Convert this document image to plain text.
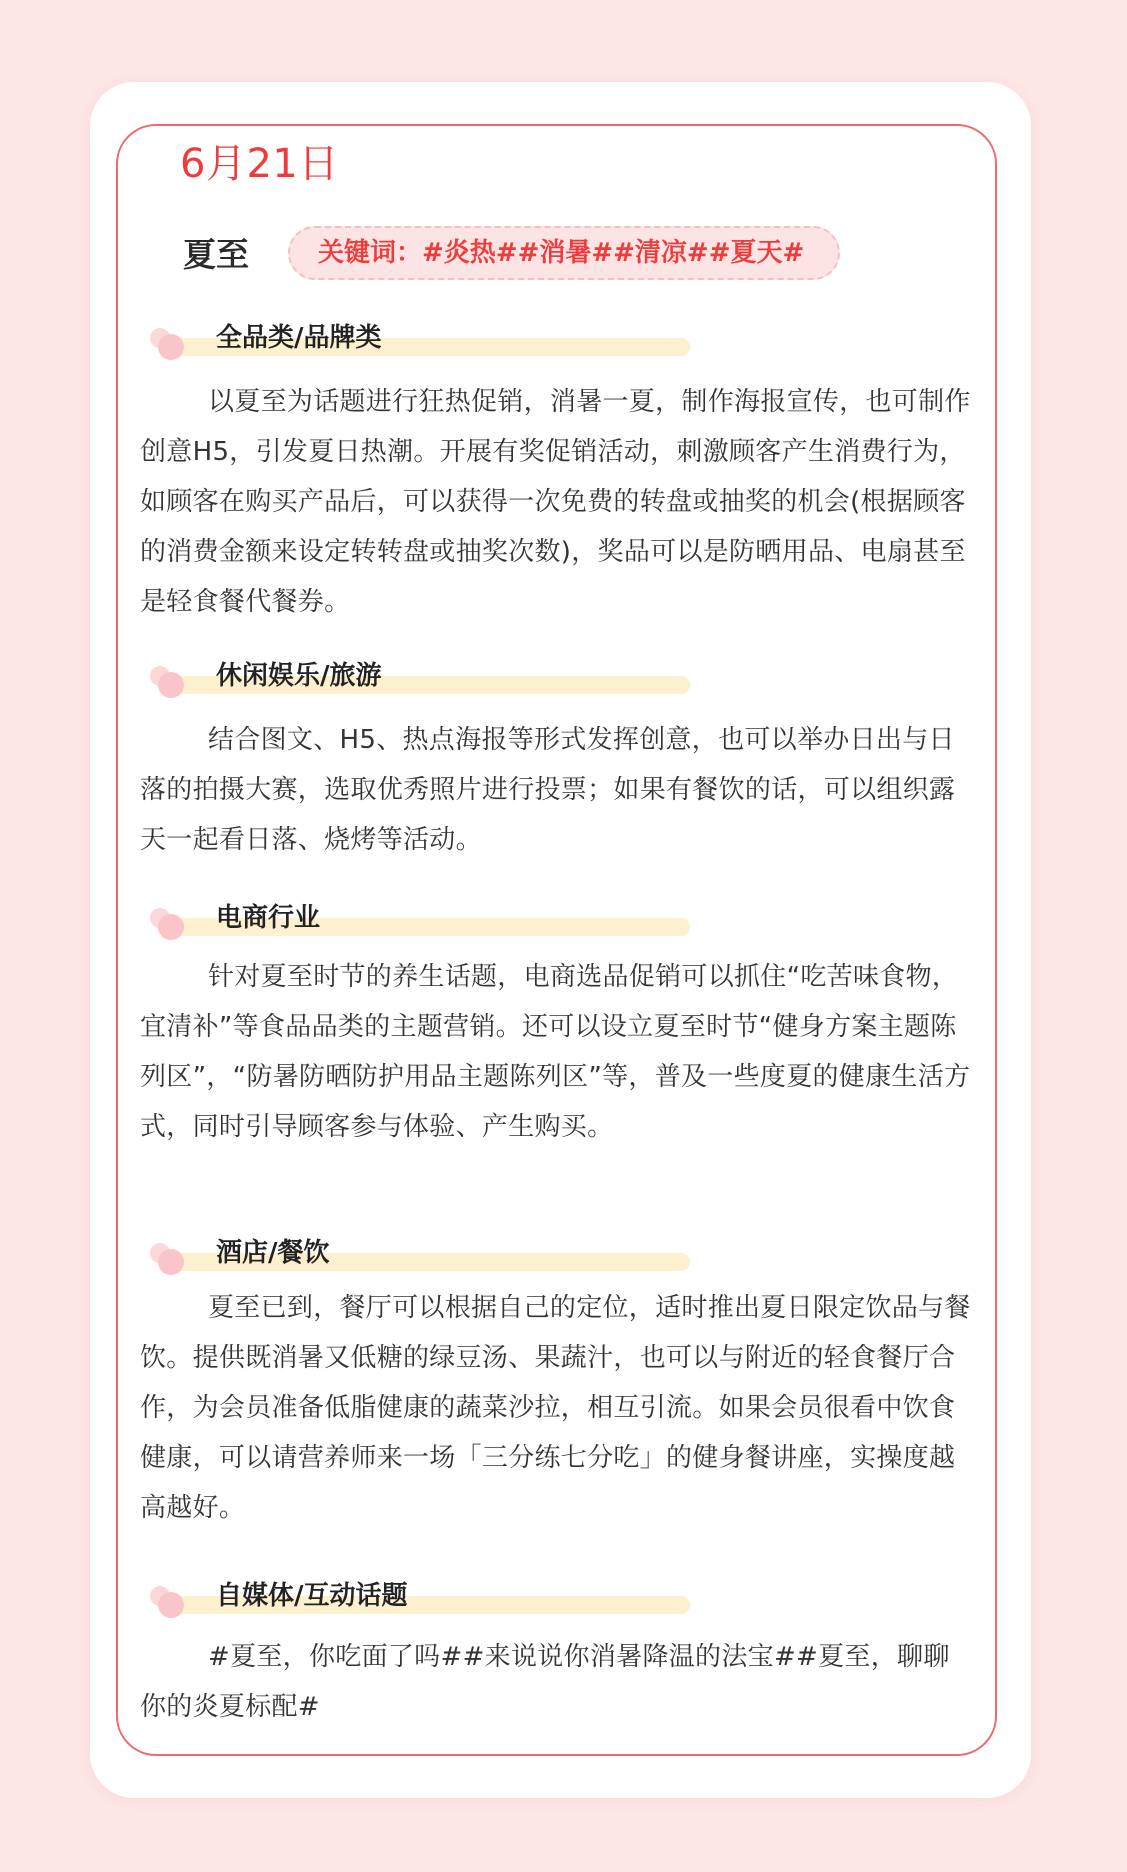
6月21日
夏至	关键词：#炎热##消暑##清凉##夏天#
全品类/品牌类

以夏至为话题进行狂热促销，消暑一夏，制作海报宣传，也可制作创意H5，引发夏日热潮。开展有奖促销活动，刺激顾客产生消费行为，如顾客在购买产品后，可以获得一次免费的转盘或抽奖的机会(根据顾客的消费金额来设定转转盘或抽奖次数)，奖品可以是防晒用品、电扇甚至是轻食餐代餐券。

休闲娱乐/旅游

结合图文、H5、热点海报等形式发挥创意，也可以举办日出与日落的拍摄大赛，选取优秀照片进行投票；如果有餐饮的话，可以组织露天一起看日落、烧烤等活动。

电商行业

针对夏至时节的养生话题，电商选品促销可以抓住“吃苦味食物，宜清补”等食品品类的主题营销。还可以设立夏至时节“健身方案主题陈列区”，“防暑防晒防护用品主题陈列区”等，普及一些度夏的健康生活方式，同时引导顾客参与体验、产生购买。

酒店/餐饮

夏至已到，餐厅可以根据自己的定位，适时推出夏日限定饮品与餐饮。提供既消暑又低糖的绿豆汤、果蔬汁，也可以与附近的轻食餐厅合作，为会员准备低脂健康的蔬菜沙拉，相互引流。如果会员很看中饮食健康，可以请营养师来一场「三分练七分吃」的健身餐讲座，实操度越高越好。

自媒体/互动话题

#夏至，你吃面了吗##来说说你消暑降温的法宝##夏至，聊聊你的炎夏标配#
